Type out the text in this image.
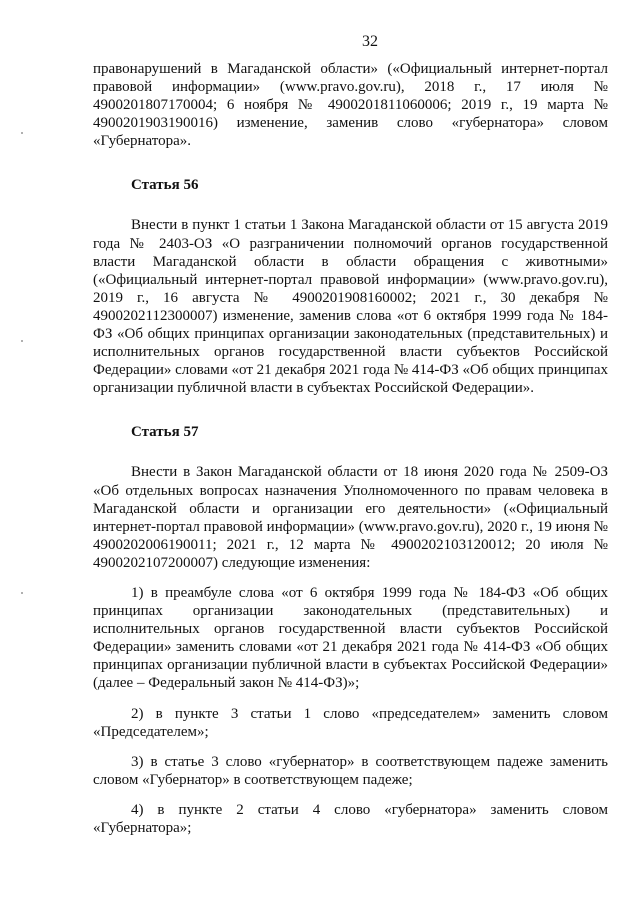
32

правонарушений в Магаданской области» («Официальный интернет-портал правовой информации» (www.pravo.gov.ru), 2018 г., 17 июля № 4900201807170004; 6 ноября № 4900201811060006; 2019 г., 19 марта № 4900201903190016) изменение, заменив слово «губернатора» словом «Губернатора».

Статья 56

Внести в пункт 1 статьи 1 Закона Магаданской области от 15 августа 2019 года № 2403-ОЗ «О разграничении полномочий органов государственной власти Магаданской области в области обращения с животными» («Официальный интернет-портал правовой информации» (www.pravo.gov.ru), 2019 г., 16 августа № 4900201908160002; 2021 г., 30 декабря № 4900202112300007) изменение, заменив слова «от 6 октября 1999 года № 184-ФЗ «Об общих принципах организации законодательных (представительных) и исполнительных органов государственной власти субъектов Российской Федерации» словами «от 21 декабря 2021 года № 414-ФЗ «Об общих принципах организации публичной власти в субъектах Российской Федерации».

Статья 57

Внести в Закон Магаданской области от 18 июня 2020 года № 2509-ОЗ «Об отдельных вопросах назначения Уполномоченного по правам человека в Магаданской области и организации его деятельности» («Официальный интернет-портал правовой информации» (www.pravo.gov.ru), 2020 г., 19 июня № 4900202006190011; 2021 г., 12 марта № 4900202103120012; 20 июля № 4900202107200007) следующие изменения:

1) в преамбуле слова «от 6 октября 1999 года № 184-ФЗ «Об общих принципах организации законодательных (представительных) и исполнительных органов государственной власти субъектов Российской Федерации» заменить словами «от 21 декабря 2021 года № 414-ФЗ «Об общих принципах организации публичной власти в субъектах Российской Федерации» (далее – Федеральный закон № 414-ФЗ)»;

2) в пункте 3 статьи 1 слово «председателем» заменить словом «Председателем»;

3) в статье 3 слово «губернатор» в соответствующем падеже заменить словом «Губернатор» в соответствующем падеже;

4) в пункте 2 статьи 4 слово «губернатора» заменить словом «Губернатора»;
